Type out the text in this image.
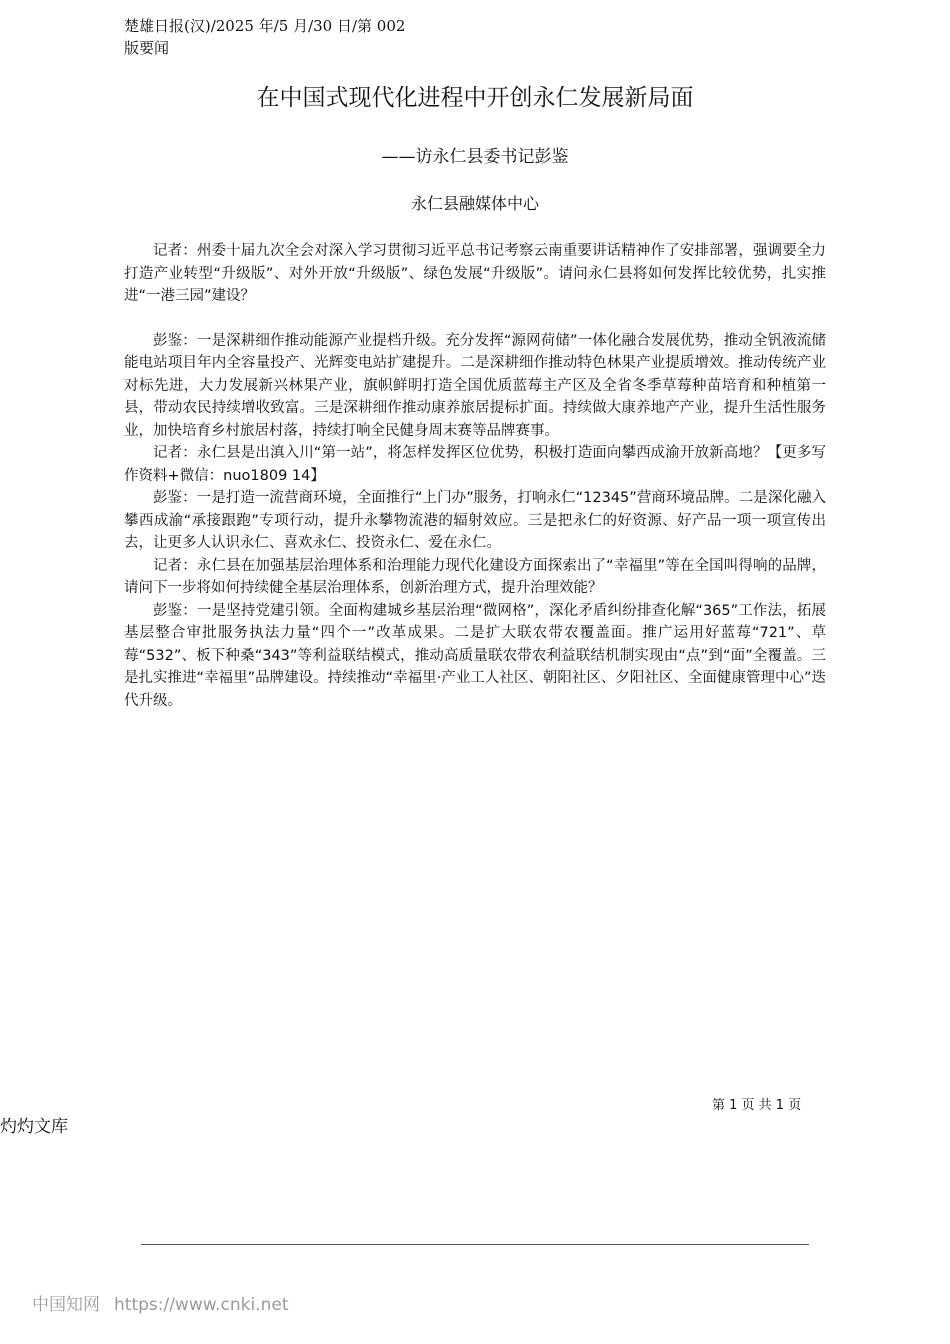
楚雄日报(汉)/2025 年/5 月/30 日/第 002
版要闻
在中国式现代化进程中开创永仁发展新局面
——访永仁县委书记彭鉴
永仁县融媒体中心

记者：州委十届九次全会对深入学习贯彻习近平总书记考察云南重要讲话精神作了安排部署，强调要全力打造产业转型“升级版”、对外开放“升级版”、绿色发展“升级版”。请问永仁县将如何发挥比较优势，扎实推进“一港三园”建设？

彭鉴：一是深耕细作推动能源产业提档升级。充分发挥“源网荷储”一体化融合发展优势，推动全钒液流储能电站项目年内全容量投产、光辉变电站扩建提升。二是深耕细作推动特色林果产业提质增效。推动传统产业对标先进，大力发展新兴林果产业，旗帜鲜明打造全国优质蓝莓主产区及全省冬季草莓种苗培育和种植第一县，带动农民持续增收致富。三是深耕细作推动康养旅居提标扩面。持续做大康养地产产业，提升生活性服务业，加快培育乡村旅居村落，持续打响全民健身周末赛等品牌赛事。

记者：永仁县是出滇入川“第一站”，将怎样发挥区位优势，积极打造面向攀西成渝开放新高地？【更多写作资料+微信：nuo1809 14】

彭鉴：一是打造一流营商环境，全面推行“上门办”服务，打响永仁“12345”营商环境品牌。二是深化融入攀西成渝“承接跟跑”专项行动，提升永攀物流港的辐射效应。三是把永仁的好资源、好产品一项一项宣传出去，让更多人认识永仁、喜欢永仁、投资永仁、爱在永仁。

记者：永仁县在加强基层治理体系和治理能力现代化建设方面探索出了“幸福里”等在全国叫得响的品牌，请问下一步将如何持续健全基层治理体系，创新治理方式，提升治理效能？

彭鉴：一是坚持党建引领。全面构建城乡基层治理“微网格”，深化矛盾纠纷排查化解“365”工作法，拓展基层整合审批服务执法力量“四个一”改革成果。二是扩大联农带农覆盖面。推广运用好蓝莓“721”、草莓“532”、板下种桑“343”等利益联结模式，推动高质量联农带农利益联结机制实现由“点”到“面”全覆盖。三是扎实推进“幸福里”品牌建设。持续推动“幸福里·产业工人社区、朝阳社区、夕阳社区、全面健康管理中心”迭代升级。

第 1 页 共 1 页
灼灼文库
中国知网 https://www.cnki.net
